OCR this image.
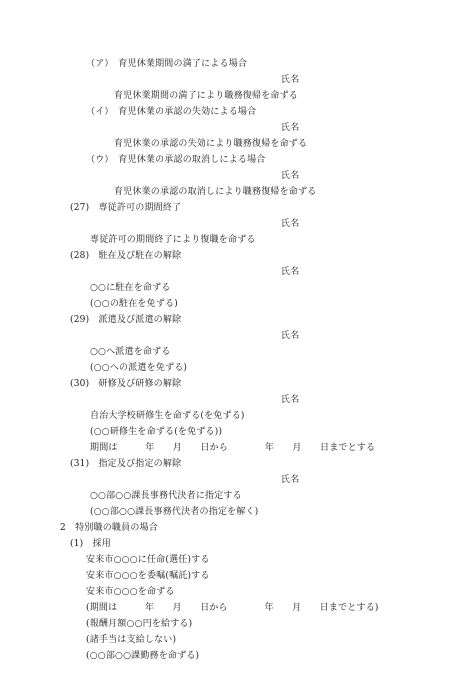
（ア）　育児休業期間の満了による場合
氏名
育児休業期間の満了により職務復帰を命ずる
（イ）　育児休業の承認の失効による場合
氏名
育児休業の承認の失効により職務復帰を命ずる
（ウ）　育児休業の承認の取消しによる場合
氏名
育児休業の承認の取消しにより職務復帰を命ずる
(27)　専従許可の期間終了
氏名
専従許可の期間終了により復職を命ずる
(28)　駐在及び駐在の解除
氏名
○○に駐在を命ずる
(○○の駐在を免ずる)
(29)　派遣及び派遣の解除
氏名
○○へ派遣を命ずる
(○○への派遣を免ずる)
(30)　研修及び研修の解除
氏名
自治大学校研修生を命ずる(を免ずる)
(○○研修生を命ずる(を免ずる))
期間は　　　年　　月　　日から　　　　年　　月　　日までとする
(31)　指定及び指定の解除
氏名
○○部○○課長事務代決者に指定する
(○○部○○課長事務代決者の指定を解く)
2　特別職の職員の場合
(1)　採用
安来市○○○に任命(選任)する
安来市○○○を委嘱(嘱託)する
安来市○○○を命ずる
(期間は　　　年　　月　　日から　　　　年　　月　　日までとする)
(報酬月額○○円を給する)
(諸手当は支給しない)
(○○部○○課勤務を命ずる)
